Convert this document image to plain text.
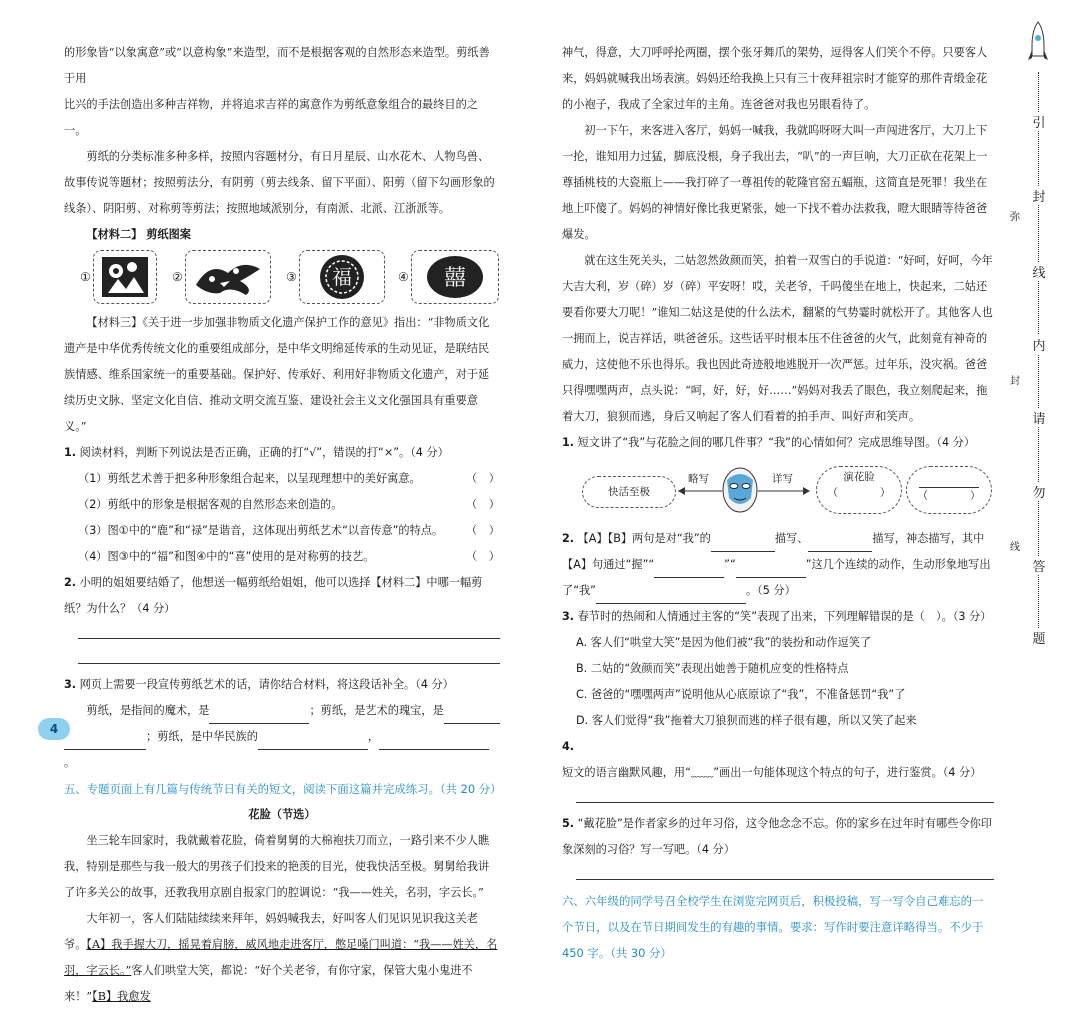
的形象皆“以象寓意”或“以意构象”来造型，而不是根据客观的自然形态来造型。剪纸善于用

比兴的手法创造出多种吉祥物，并将追求吉祥的寓意作为剪纸意象组合的最终目的之一。

剪纸的分类标准多种多样，按照内容题材分，有日月星辰、山水花木、人物鸟兽、故事传说等题材；按照剪法分，有阴剪（剪去线条、留下平面）、阳剪（留下勾画形象的线条）、阴阳剪、对称剪等剪法；按照地域派别分，有南派、北派、江浙派等。

【材料二】 剪纸图案

①	②	③ 福	④ 囍

【材料三】《关于进一步加强非物质文化遗产保护工作的意见》指出：“非物质文化遗产是中华优秀传统文化的重要组成部分，是中华文明绵延传承的生动见证，是联结民族情感、维系国家统一的重要基础。保护好、传承好、利用好非物质文化遗产，对于延续历史文脉、坚定文化自信、推动文明交流互鉴、建设社会主义文化强国具有重要意义。”

1. 阅读材料，判断下列说法是否正确，正确的打“√”，错误的打“×”。（4 分）

（1）剪纸艺术善于把多种形象组合起来，以呈现理想中的美好寓意。	（ ）
（2）剪纸中的形象是根据客观的自然形态来创造的。	（ ）
（3）图①中的“鹿”和“禄”是谐音，这体现出剪纸艺术“以音传意”的特点。 （ ）
（4）图③中的“福”和图④中的“喜”使用的是对称剪的技艺。	（ ）

2. 小明的姐姐要结婚了，他想送一幅剪纸给姐姐，他可以选择【材料二】中哪一幅剪纸？为什么？（4 分）

3. 网页上需要一段宣传剪纸艺术的话，请你结合材料，将这段话补全。（4 分）

剪纸，是指间的魔术，是	；剪纸，是艺术的瑰宝，是

；剪纸，是中华民族的	，。

五、专题页面上有几篇与传统节日有关的短文，阅读下面这篇并完成练习。（共 20 分）

花脸（节选）

坐三轮车回家时，我就戴着花脸，倚着舅舅的大棉袍扶刀而立，一路引来不少人瞧我，特别是那些与我一般大的男孩子们投来的艳羡的目光，使我快活至极。舅舅给我讲了许多关公的故事，还教我用京剧自报家门的腔调说：“我——姓关，名羽，字云长。”

大年初一，客人们陆陆续续来拜年，妈妈喊我去，好叫客人们见识见识我这关老爷。【A】我手握大刀，摇晃着肩膀，威风地走进客厅，憋足嗓门叫道：“我——姓关，名羽，字云长。”客人们哄堂大笑，都说：“好个关老爷，有你守家，保管大鬼小鬼进不来！”【B】我愈发

神气，得意，大刀呼呼抡两圈，摆个张牙舞爪的架势，逗得客人们笑个不停。只要客人来，妈妈就喊我出场表演。妈妈还给我换上只有三十夜拜祖宗时才能穿的那件青缎金花的小袍子，我成了全家过年的主角。连爸爸对我也另眼看待了。

初一下午，来客进入客厅，妈妈一喊我，我就呜呀呀大叫一声闯进客厅，大刀上下一抡，谁知用力过猛，脚底没根，身子我出去，“叭”的一声巨响，大刀正砍在花架上一尊插桃枝的大瓷瓶上——我打碎了一尊祖传的乾隆官窑五蝠瓶，这简直是死罪！我坐在地上吓傻了。妈妈的神情好像比我更紧张，她一下找不着办法救我，瞪大眼睛等待爸爸爆发。

就在这生死关头，二姑忽然敛颜而笑，拍着一双雪白的手说道：“好呵，好呵，今年大吉大利，岁（碎）岁（碎）平安呀！哎，关老爷，千吗傻坐在地上，快起来，二姑还要看你要大刀呢！”谁知二姑这是使的什么法术，翻紧的气势霎时就松开了。其他客人也一拥而上，说吉祥话，哄爸爸乐。这些话平时根本压不住爸爸的火气，此刻竟有神奇的威力，这使他不乐也得乐。我也因此奇迹般地逃脱开一次严惩。过年乐，没灾祸。爸爸只得嘿嘿两声，点头说：“呵，好，好，好……”妈妈对我丢了眼色，我立刻爬起来，拖着大刀，狼狈而逃，身后又响起了客人们看着的拍手声、叫好声和笑声。

1. 短文讲了“我”与花脸之间的哪几件事？“我”的心情如何？完成思维导图。（4 分）

快活至极
略写	详写	演花脸
（　　　　）	（　　　　）

2. 【A】【B】两句是对“我”的	描写、	描写，神态描写，其中【A】句通过“握”“	”“	”这几个连续的动作，生动形象地写出了“我”	。（5 分）

3. 春节时的热闹和人情通过主客的“笑”表现了出来，下列理解错误的是（　）。（3 分）

A. 客人们“哄堂大笑”是因为他们被“我”的装扮和动作逗笑了

B. 二姑的“敛颜而笑”表现出她善于随机应变的性格特点

C. 爸爸的“嘿嘿两声”说明他从心底原谅了“我”，不准备惩罚“我”了

D. 客人们觉得“我”拖着大刀狼狈而逃的样子很有趣，所以又笑了起来

4. 短文的语言幽默风趣，用“﹏﹏”画出一句能体现这个特点的句子，进行鉴赏。（4 分）

5. “戴花脸”是作者家乡的过年习俗，这令他念念不忘。你的家乡在过年时有哪些令你印象深刻的习俗？写一写吧。（4 分）

六、六年级的同学号召全校学生在浏览完网页后，积极投稿，写一写令自己难忘的一个节日，以及在节日期间发生的有趣的事情。要求：写作时要注意详略得当。不少于 450 字。（共 30 分）

4
引
封
弥
线
内
封
请
勿
线
答
题
